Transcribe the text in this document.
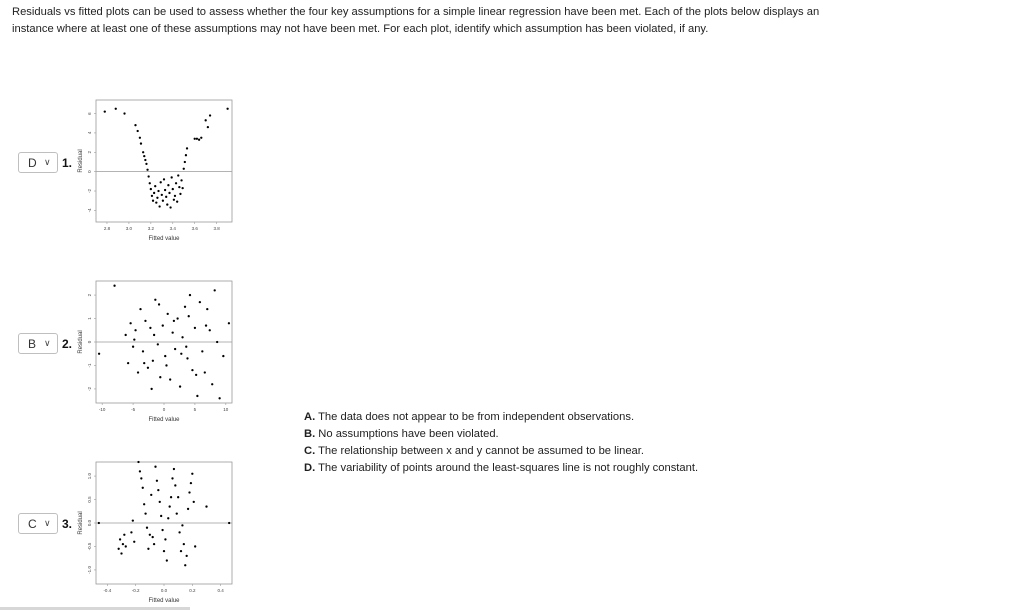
Residuals vs fitted plots can be used to assess whether the four key assumptions for a simple linear regression have been met. Each of the plots below displays an instance where at least one of these assumptions may not have been met. For each plot, identify which assumption has been violated, if any.
D ∨ 1.
2.8	3.0	3.2	3.4	3.6	3.8
-4
-2
0
2
4
6
Fitted value
Residual
B ∨ 2.
-10	-5	0	5	10
-2
-1
0
1
2
Fitted value
Residual
C ∨ 3.
-0.4	-0.2	0.0	0.2	0.4
-1.0
-0.5
0.0
0.5
1.0
Fitted value
Residual
A. The data does not appear to be from independent observations.
B. No assumptions have been violated.
C. The relationship between x and y cannot be assumed to be linear.
D. The variability of points around the least-squares line is not roughly constant.
